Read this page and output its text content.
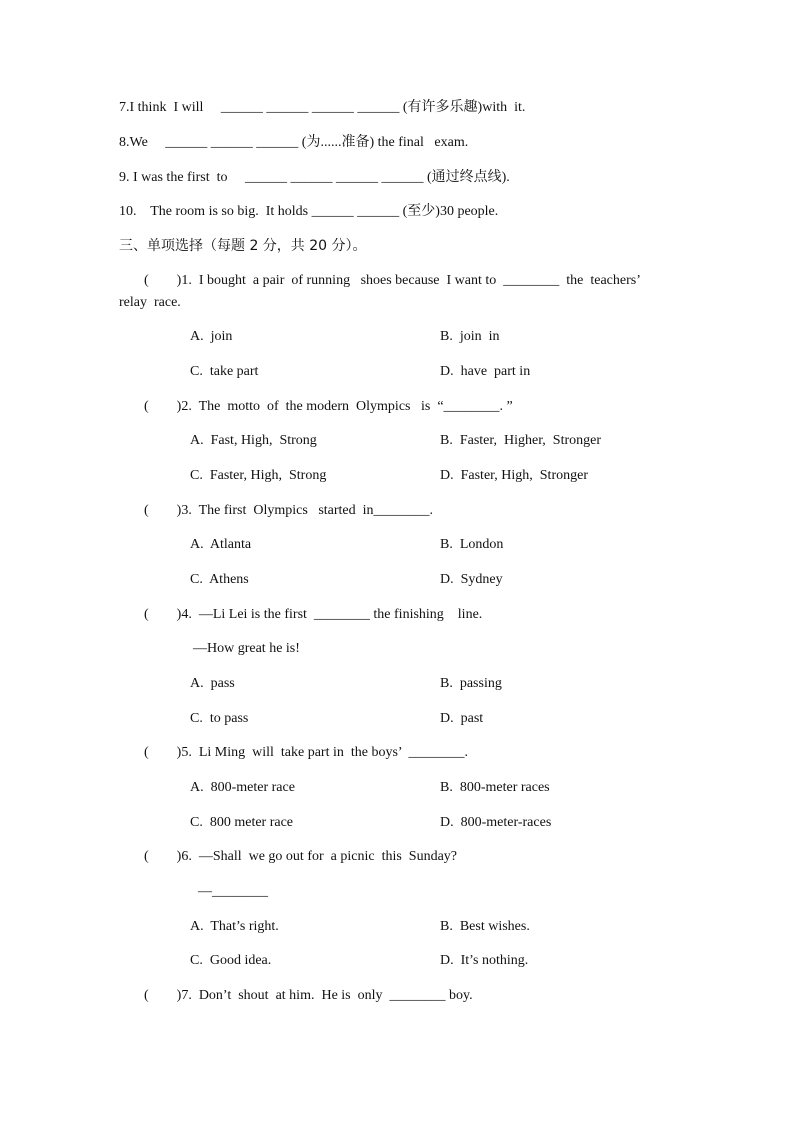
7.I think  I will     ______ ______ ______ ______ (有许多乐趣)with  it.
8.We     ______ ______ ______ (为......准备) the final   exam.
9. I was the first  to     ______ ______ ______ ______ (通过终点线).
10.    The room is so big.  It holds ______ ______ (至少)30 people.
三、单项选择（每题 2 分，共 20 分）。
(        )1.  I bought  a pair  of running   shoes because  I want to  ________  the  teachers’
relay  race.
A.  join	B.  join  in
C.  take part	D.  have  part in
(        )2.  The  motto  of  the modern  Olympics   is  “________. ”
A.  Fast, High,  Strong	B.  Faster,  Higher,  Stronger
C.  Faster, High,  Strong	D.  Faster, High,  Stronger
(        )3.  The first  Olympics   started  in________.
A.  Atlanta	B.  London
C.  Athens	D.  Sydney
(        )4.  —Li Lei is the first  ________ the finishing    line.
—How great he is!
A.  pass	B.  passing
C.  to pass	D.  past
(        )5.  Li Ming  will  take part in  the boys’  ________.
A.  800-meter race	B.  800-meter races
C.  800 meter race	D.  800-meter-races
(        )6.  —Shall  we go out for  a picnic  this  Sunday?
—________
A.  That’s right.	B.  Best wishes.
C.  Good idea.	D.  It’s nothing.
(        )7.  Don’t  shout  at him.  He is  only  ________ boy.
